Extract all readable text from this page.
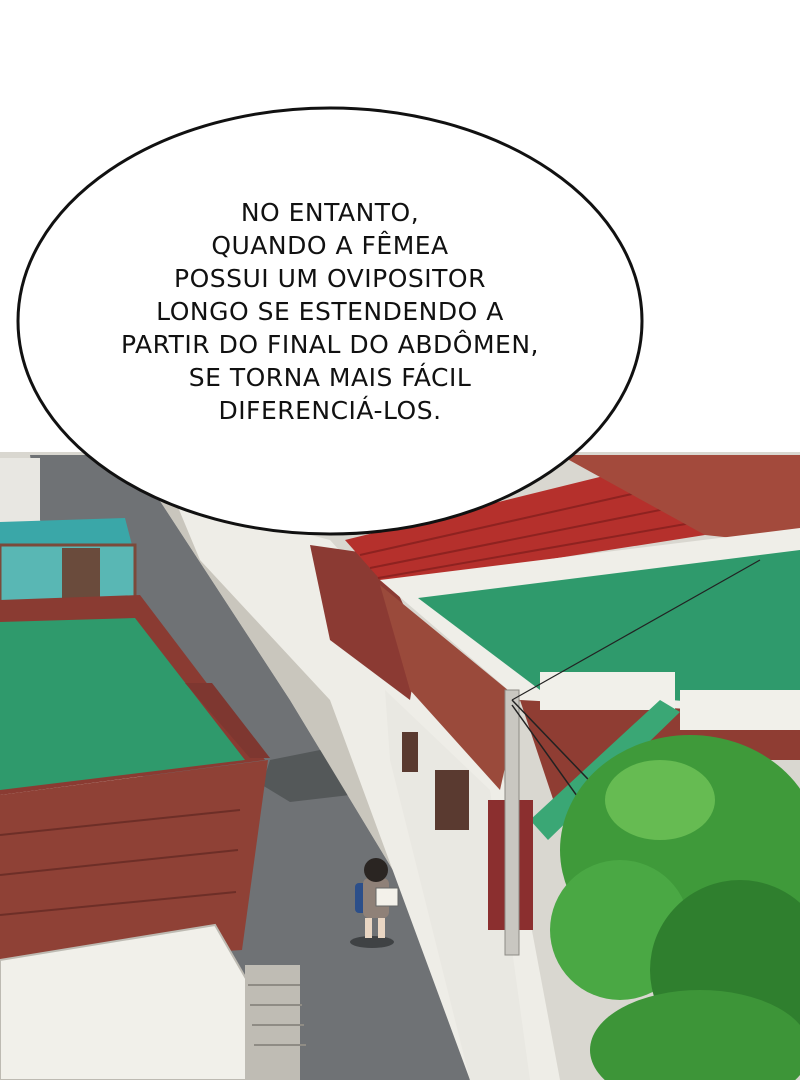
NO ENTANTO,
QUANDO A FÊMEA
POSSUI UM OVIPOSITOR
LONGO SE ESTENDENDO A
PARTIR DO FINAL DO ABDÔMEN,
SE TORNA MAIS FÁCIL
DIFERENCIÁ-LOS.
